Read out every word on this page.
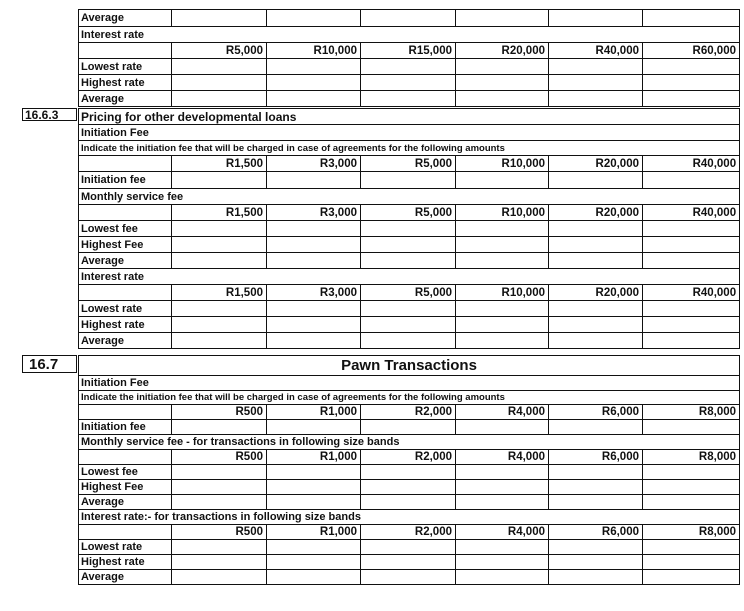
Average						
Interest rate						
	R5,000	R10,000	R15,000	R20,000	R40,000	R60,000
Lowest rate						
Highest rate						
Average						
16.6.3	Pricing for other developmental loans						
Initiation Fee						
Indicate the initiation fee that will be charged in case of agreements for the following amounts						
	R1,500	R3,000	R5,000	R10,000	R20,000	R40,000
Initiation fee						
Monthly service fee						
	R1,500	R3,000	R5,000	R10,000	R20,000	R40,000
Lowest fee						
Highest Fee						
Average						
Interest rate						
	R1,500	R3,000	R5,000	R10,000	R20,000	R40,000
Lowest rate						
Highest rate						
Average						
16.7	Pawn Transactions						
Initiation Fee						
Indicate the initiation fee that will be charged in case of agreements for the following amounts						
	R500	R1,000	R2,000	R4,000	R6,000	R8,000
Initiation fee						
Monthly service fee - for transactions in following size bands						
	R500	R1,000	R2,000	R4,000	R6,000	R8,000
Lowest fee						
Highest Fee						
Average						
Interest rate:- for transactions in following size bands						
	R500	R1,000	R2,000	R4,000	R6,000	R8,000
Lowest rate						
Highest rate						
Average						
